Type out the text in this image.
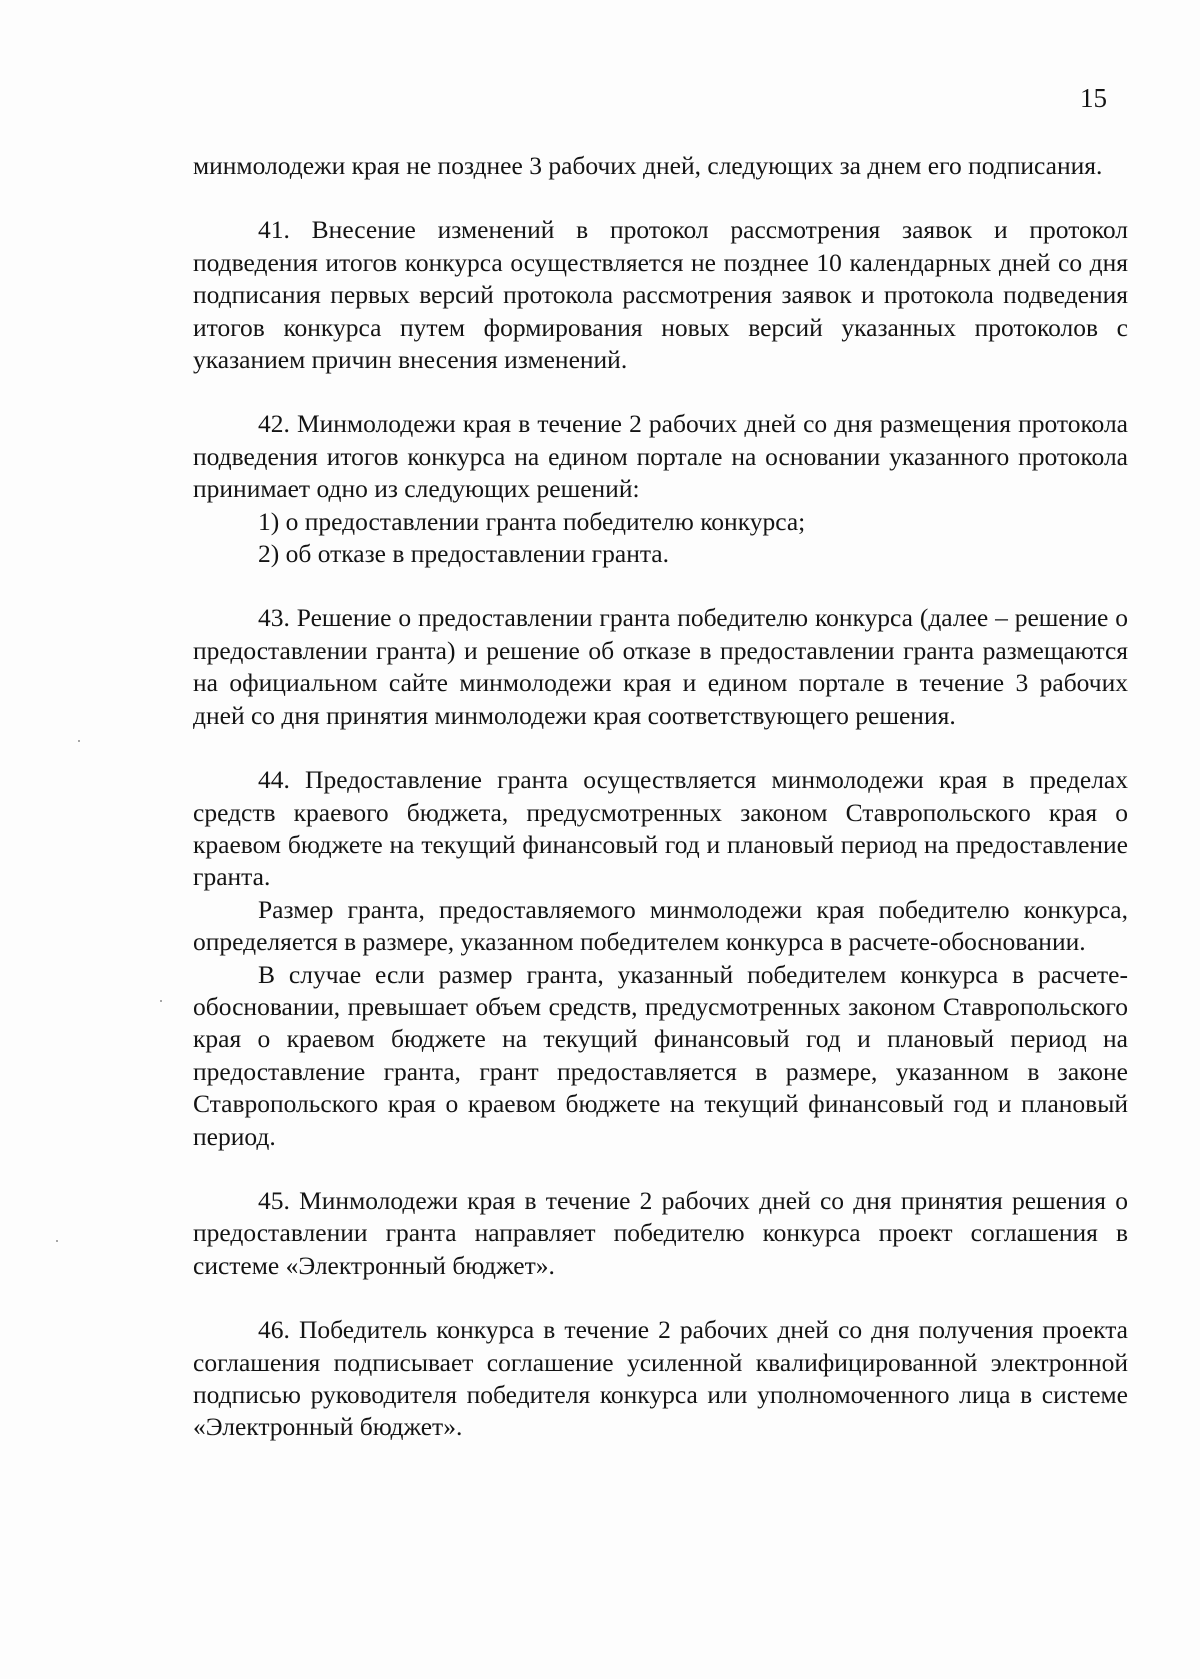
15

минмолодежи края не позднее 3 рабочих дней, следующих за днем его подписания.

41. Внесение изменений в протокол рассмотрения заявок и протокол подведения итогов конкурса осуществляется не позднее 10 календарных дней со дня подписания первых версий протокола рассмотрения заявок и протокола подведения итогов конкурса путем формирования новых версий указанных протоколов с указанием причин внесения изменений.

42. Минмолодежи края в течение 2 рабочих дней со дня размещения протокола подведения итогов конкурса на едином портале на основании указанного протокола принимает одно из следующих решений:

1) о предоставлении гранта победителю конкурса;

2) об отказе в предоставлении гранта.

43. Решение о предоставлении гранта победителю конкурса (далее – решение о предоставлении гранта) и решение об отказе в предоставлении гранта размещаются на официальном сайте минмолодежи края и едином портале в течение 3 рабочих дней со дня принятия минмолодежи края соответствующего решения.

44. Предоставление гранта осуществляется минмолодежи края в пределах средств краевого бюджета, предусмотренных законом Ставропольского края о краевом бюджете на текущий финансовый год и плановый период на предоставление гранта.

Размер гранта, предоставляемого минмолодежи края победителю конкурса, определяется в размере, указанном победителем конкурса в расчете-обосновании.

В случае если размер гранта, указанный победителем конкурса в расчете-обосновании, превышает объем средств, предусмотренных законом Ставропольского края о краевом бюджете на текущий финансовый год и плановый период на предоставление гранта, грант предоставляется в размере, указанном в законе Ставропольского края о краевом бюджете на текущий финансовый год и плановый период.

45. Минмолодежи края в течение 2 рабочих дней со дня принятия решения о предоставлении гранта направляет победителю конкурса проект соглашения в системе «Электронный бюджет».

46. Победитель конкурса в течение 2 рабочих дней со дня получения проекта соглашения подписывает соглашение усиленной квалифицированной электронной подписью руководителя победителя конкурса или уполномоченного лица в системе «Электронный бюджет».
